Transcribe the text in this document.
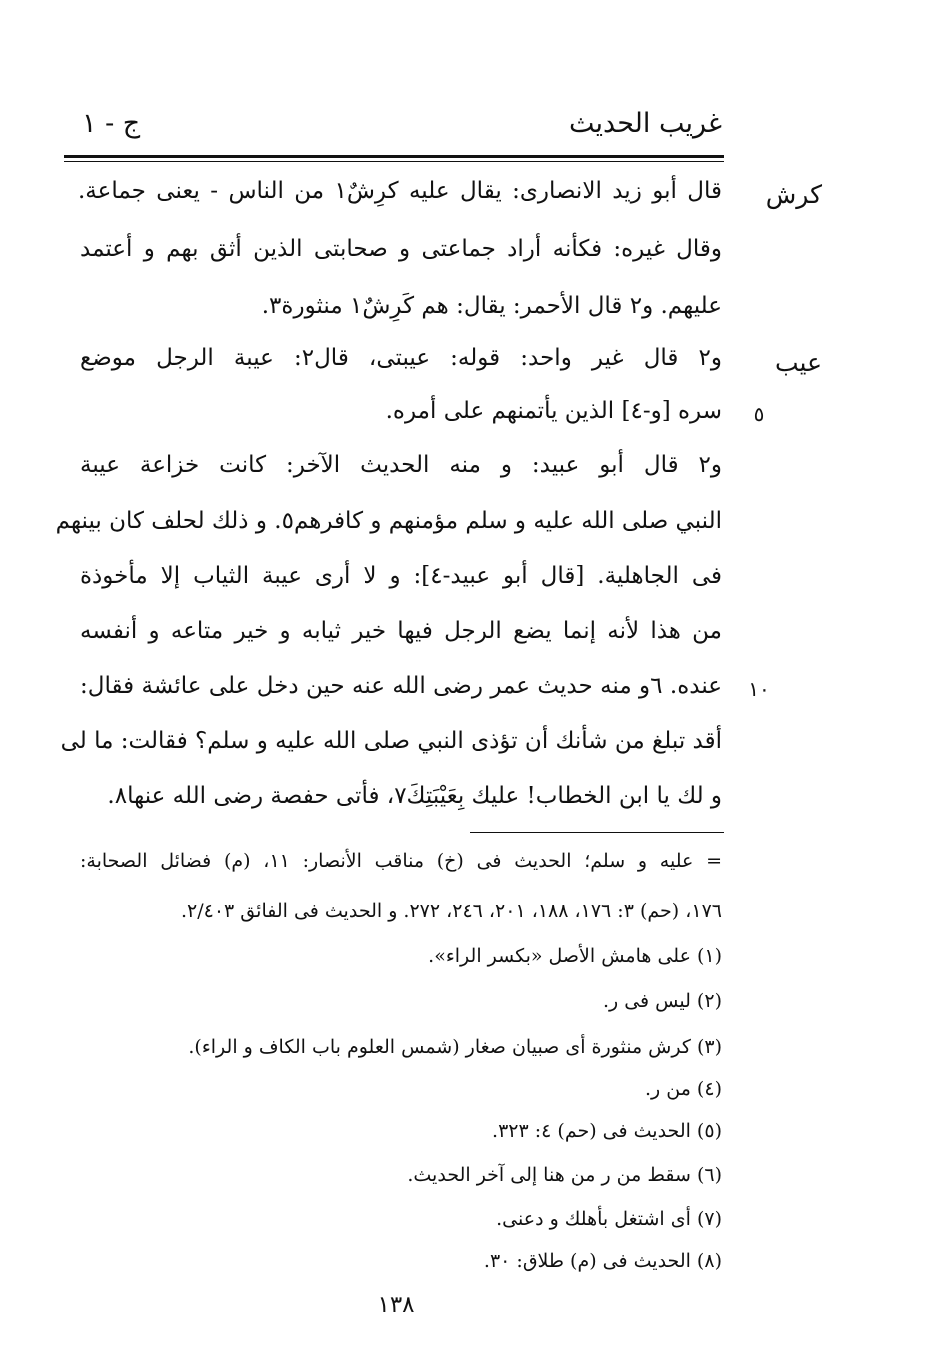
غريب الحديث
ج - ١
كرش
عيب
قال أبو زيد الانصارى: يقال عليه كرِشٌ١ من الناس - يعنى جماعة.
وقال غيره: فكأنه أراد جماعتى و صحابتى الذين أثق بهم و أعتمد
عليهم. و٢ قال الأحمر: يقال: هم كَرِشٌ١ منثورة٣.
و٢ قال غير واحد: قوله: عيبتى، قال٢: عيبة الرجل موضع
سره [و-٤] الذين يأتمنهم على أمره. ٥
و٢ قال أبو عبيد: و منه الحديث الآخر: كانت خزاعة عيبة
النبي صلى الله عليه و سلم مؤمنهم و كافرهم٥. و ذلك لحلف كان بينهم
فى الجاهلية. [قال أبو عبيد-٤]: و لا أرى عيبة الثياب إلا مأخوذة
من هذا لأنه إنما يضع الرجل فيها خير ثيابه و خير متاعه و أنفسه
عنده. ٦و منه حديث عمر رضى الله عنه حين دخل على عائشة فقال: ١٠
أقد تبلغ من شأنك أن تؤذى النبي صلى الله عليه و سلم؟ فقالت: ما لى
و لك يا ابن الخطاب! عليك بِعَيْبَتِكَ٧، فأتى حفصة رضى الله عنها٨.
= عليه و سلم؛ الحديث فى (خ) مناقب الأنصار: ١١، (م) فضائل الصحابة:
١٧٦، (حم) ٣: ١٧٦، ١٨٨، ٢٠١، ٢٤٦، ٢٧٢. و الحديث فى الفائق ٢/٤٠٣.
(١) على هامش الأصل «بكسر الراء».
(٢) ليس فى ر.
(٣) كرش منثورة أى صبيان صغار (شمس العلوم باب الكاف و الراء).
(٤) من ر.
(٥) الحديث فى (حم) ٤: ٣٢٣.
(٦) سقط من ر من هنا إلى آخر الحديث.
(٧) أى اشتغل بأهلك و دعنى.
(٨) الحديث فى (م) طلاق: ٣٠.
١٣٨
